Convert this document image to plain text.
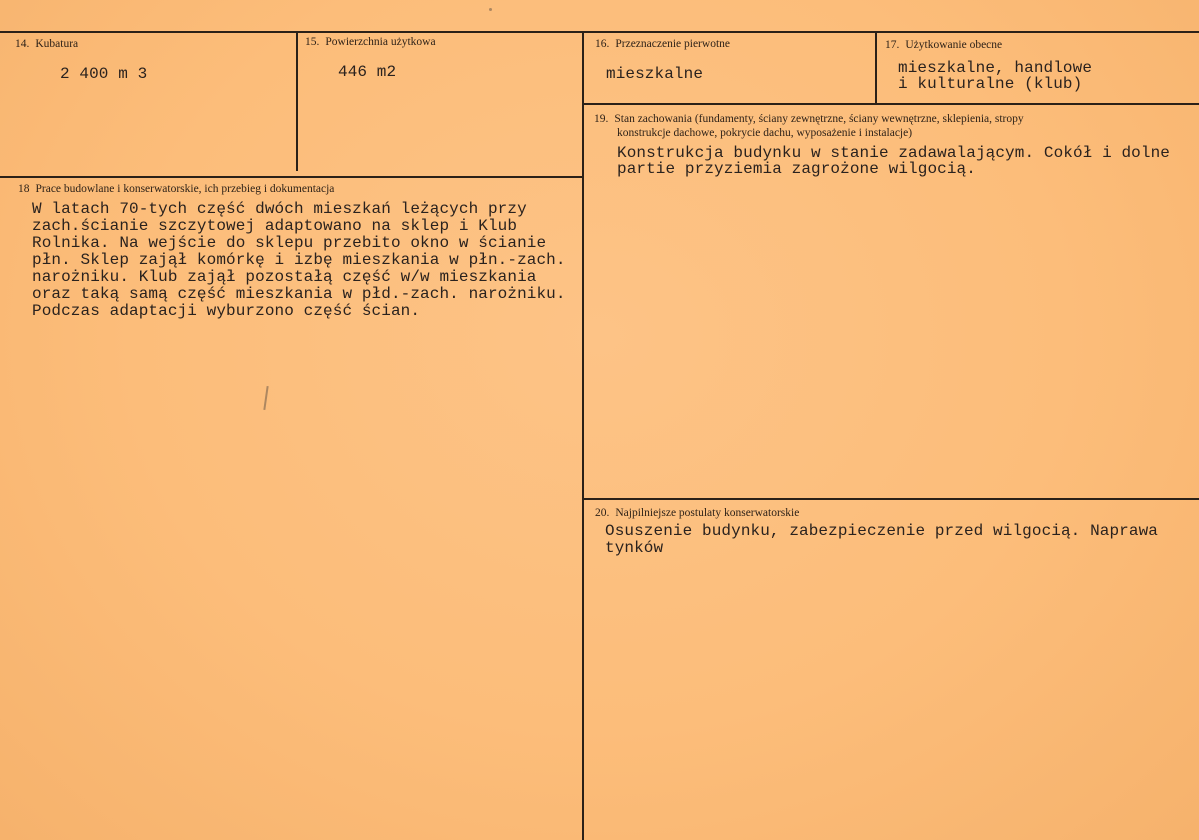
14. Kubatura
2 400 m 3
15. Powierzchnia użytkowa
446 m2
16. Przeznaczenie pierwotne
mieszkalne
17. Użytkowanie obecne
mieszkalne, handlowe
i kulturalne (klub)
19. Stan zachowania (fundamenty, ściany zewnętrzne, ściany wewnętrzne, sklepienia, stropy
konstrukcje dachowe, pokrycie dachu, wyposażenie i instalacje)
Konstrukcja budynku w stanie zadawalającym. Cokół i dolne
partie przyziemia zagrożone wilgocią.
18 Prace budowlane i konserwatorskie, ich przebieg i dokumentacja
W latach 70-tych część dwóch mieszkań leżących przy
zach.ścianie szczytowej adaptowano na sklep i Klub
Rolnika. Na wejście do sklepu przebito okno w ścianie
płn. Sklep zajął komórkę i izbę mieszkania w płn.-zach.
narożniku. Klub zajął pozostałą część w/w mieszkania
oraz taką samą część mieszkania w płd.-zach. narożniku.
Podczas adaptacji wyburzono część ścian.
20. Najpilniejsze postulaty konserwatorskie
Osuszenie budynku, zabezpieczenie przed wilgocią. Naprawa
tynków
